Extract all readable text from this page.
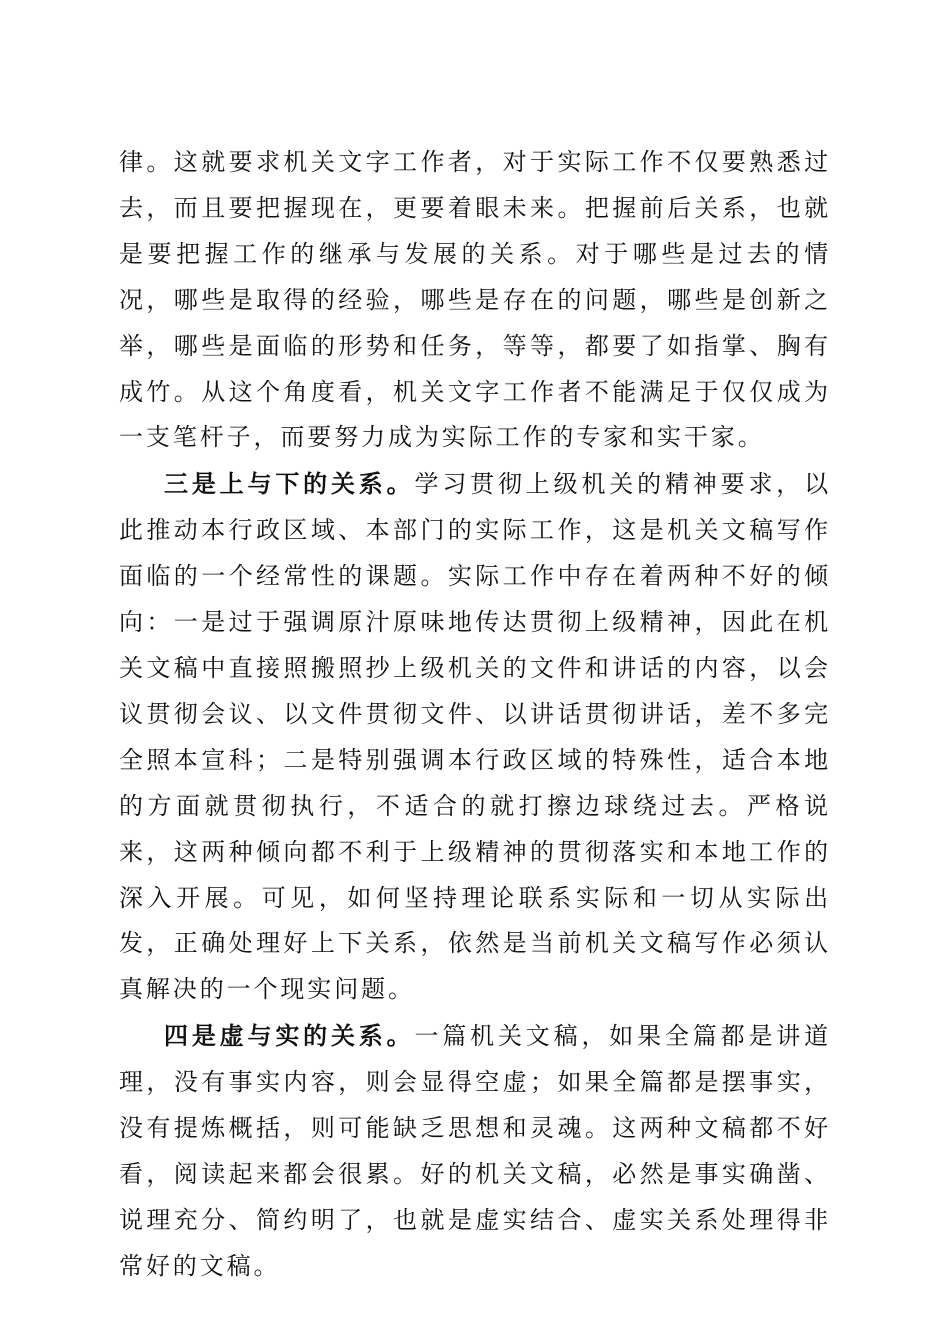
律。这就要求机关文字工作者，对于实际工作不仅要熟悉过去，而且要把握现在，更要着眼未来。把握前后关系，也就是要把握工作的继承与发展的关系。对于哪些是过去的情况，哪些是取得的经验，哪些是存在的问题，哪些是创新之举，哪些是面临的形势和任务，等等，都要了如指掌、胸有成竹。从这个角度看，机关文字工作者不能满足于仅仅成为一支笔杆子，而要努力成为实际工作的专家和实干家。

三是上与下的关系。学习贯彻上级机关的精神要求，以此推动本行政区域、本部门的实际工作，这是机关文稿写作面临的一个经常性的课题。实际工作中存在着两种不好的倾向：一是过于强调原汁原味地传达贯彻上级精神，因此在机关文稿中直接照搬照抄上级机关的文件和讲话的内容，以会议贯彻会议、以文件贯彻文件、以讲话贯彻讲话，差不多完全照本宣科；二是特别强调本行政区域的特殊性，适合本地的方面就贯彻执行，不适合的就打擦边球绕过去。严格说来，这两种倾向都不利于上级精神的贯彻落实和本地工作的深入开展。可见，如何坚持理论联系实际和一切从实际出发，正确处理好上下关系，依然是当前机关文稿写作必须认真解决的一个现实问题。

四是虚与实的关系。一篇机关文稿，如果全篇都是讲道理，没有事实内容，则会显得空虚；如果全篇都是摆事实，没有提炼概括，则可能缺乏思想和灵魂。这两种文稿都不好看，阅读起来都会很累。好的机关文稿，必然是事实确凿、说理充分、简约明了，也就是虚实结合、虚实关系处理得非常好的文稿。
